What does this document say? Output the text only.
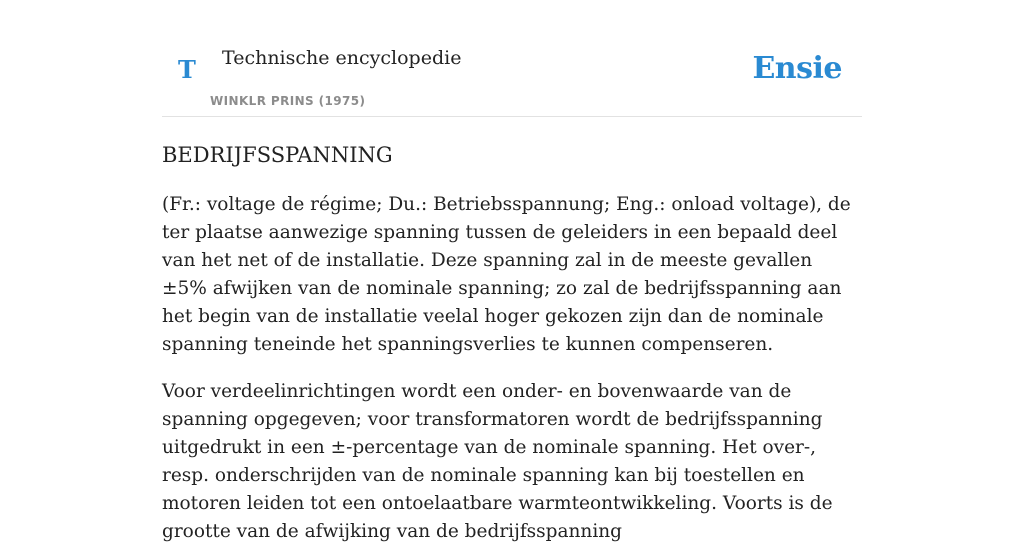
T Technische encyclopedie
WINKLR PRINS (1975)
Ensie
BEDRIJFSSPANNING

(Fr.: voltage de régime; Du.: Betriebsspannung; Eng.: onload voltage), de ter plaatse aanwezige spanning tussen de geleiders in een bepaald deel van het net of de installatie. Deze spanning zal in de meeste gevallen ±5% afwijken van de nominale spanning; zo zal de bedrijfsspanning aan het begin van de installatie veelal hoger gekozen zijn dan de nominale spanning teneinde het spanningsverlies te kunnen compenseren.

Voor verdeelinrichtingen wordt een onder- en bovenwaarde van de spanning opgegeven; voor transformatoren wordt de bedrijfsspanning uitgedrukt in een ±-percentage van de nominale spanning. Het over-, resp. onderschrijden van de nominale spanning kan bij toestellen en motoren leiden tot een ontoelaatbare warmteontwikkeling. Voorts is de grootte van de afwijking van de bedrijfsspanning
